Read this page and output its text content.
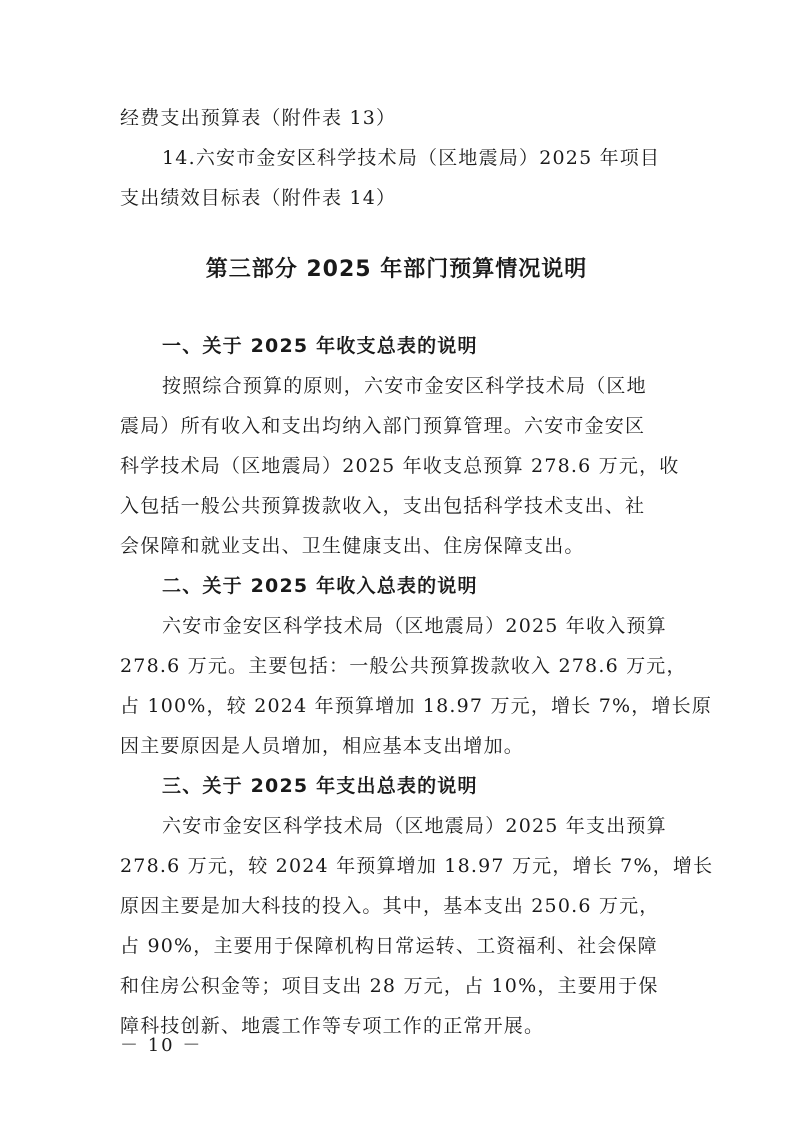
经费支出预算表（附件表 13）
14.六安市金安区科学技术局（区地震局）2025 年项目
支出绩效目标表（附件表 14）
第三部分 2025 年部门预算情况说明
一、关于 2025 年收支总表的说明
按照综合预算的原则，六安市金安区科学技术局（区地
震局）所有收入和支出均纳入部门预算管理。六安市金安区
科学技术局（区地震局）2025 年收支总预算 278.6 万元，收
入包括一般公共预算拨款收入，支出包括科学技术支出、社
会保障和就业支出、卫生健康支出、住房保障支出。
二、关于 2025 年收入总表的说明
六安市金安区科学技术局（区地震局）2025 年收入预算
278.6 万元。主要包括：一般公共预算拨款收入 278.6 万元，
占 100%，较 2024 年预算增加 18.97 万元，增长 7%，增长原
因主要原因是人员增加，相应基本支出增加。
三、关于 2025 年支出总表的说明
六安市金安区科学技术局（区地震局）2025 年支出预算
278.6 万元，较 2024 年预算增加 18.97 万元，增长 7%，增长
原因主要是加大科技的投入。其中，基本支出 250.6 万元，
占 90%，主要用于保障机构日常运转、工资福利、社会保障
和住房公积金等；项目支出 28 万元，占 10%，主要用于保
－ 10 －
障科技创新、地震工作等专项工作的正常开展。
